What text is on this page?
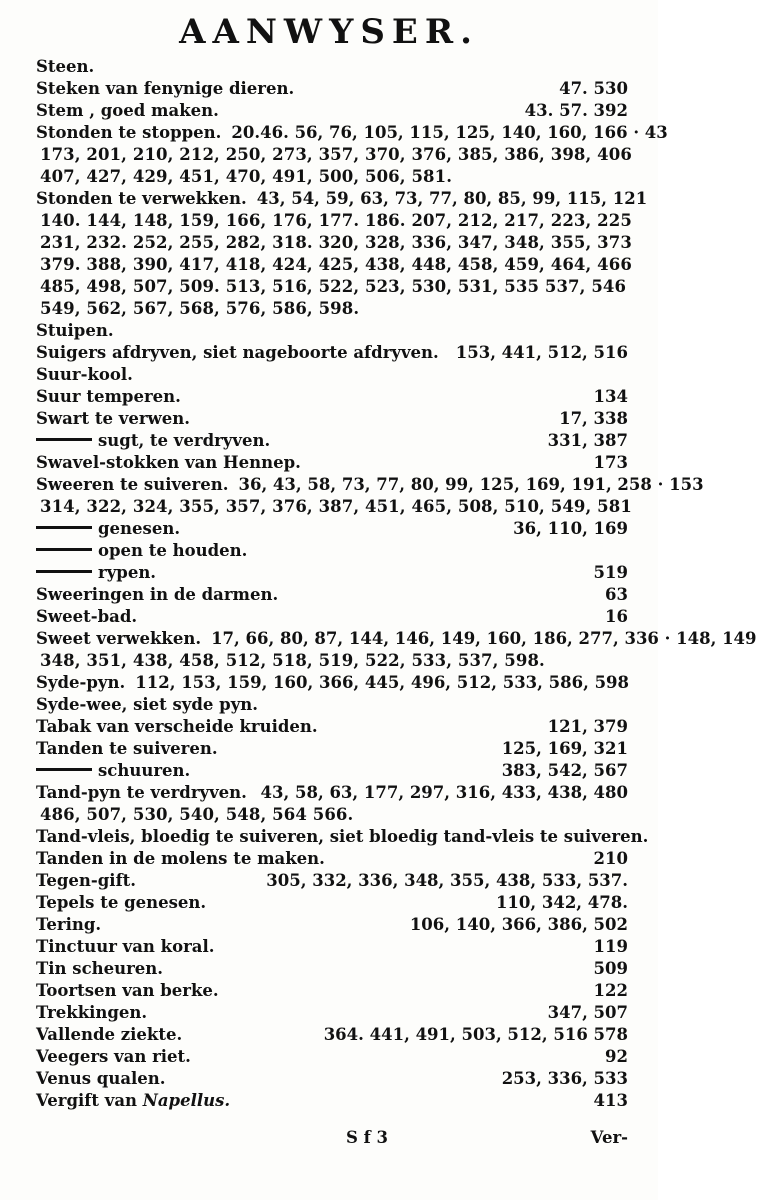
AANWYSER.
Steen.
Steken van fenynige dieren.	47. 530
Stem , goed maken.	43. 57. 392
Stonden te stoppen. 20.46. 56, 76, 105, 115, 125, 140, 160, 166 · 43
173, 201, 210, 212, 250, 273, 357, 370, 376, 385, 386, 398, 406
407, 427, 429, 451, 470, 491, 500, 506, 581.
Stonden te verwekken. 43, 54, 59, 63, 73, 77, 80, 85, 99, 115, 121
140. 144, 148, 159, 166, 176, 177. 186. 207, 212, 217, 223, 225
231, 232. 252, 255, 282, 318. 320, 328, 336, 347, 348, 355, 373
379. 388, 390, 417, 418, 424, 425, 438, 448, 458, 459, 464, 466
485, 498, 507, 509. 513, 516, 522, 523, 530, 531, 535 537, 546
549, 562, 567, 568, 576, 586, 598.
Stuipen.
Suigers afdryven, siet nageboorte afdryven.	153, 441, 512, 516
Suur-kool.
Suur temperen.	134
Swart te verwen.	17, 338
sugt, te verdryven.	331, 387
Swavel-stokken van Hennep.	173
Sweeren te suiveren. 36, 43, 58, 73, 77, 80, 99, 125, 169, 191, 258 · 153
314, 322, 324, 355, 357, 376, 387, 451, 465, 508, 510, 549, 581
genesen.	36, 110, 169
open te houden.
rypen.	519
Sweeringen in de darmen.	63
Sweet-bad.	16
Sweet verwekken. 17, 66, 80, 87, 144, 146, 149, 160, 186, 277, 336 · 148, 149
348, 351, 438, 458, 512, 518, 519, 522, 533, 537, 598.
Syde-pyn. 112, 153, 159, 160, 366, 445, 496, 512, 533, 586, 598
Syde-wee, siet syde pyn.
Tabak van verscheide kruiden.	121, 379
Tanden te suiveren.	125, 169, 321
schuuren.	383, 542, 567
Tand-pyn te verdryven. 43, 58, 63, 177, 297, 316, 433, 438, 480
486, 507, 530, 540, 548, 564 566.
Tand-vleis, bloedig te suiveren, siet bloedig tand-vleis te suiveren.
Tanden in de molens te maken.	210
Tegen-gift.	305, 332, 336, 348, 355, 438, 533, 537.
Tepels te genesen.	110, 342, 478.
Tering.	106, 140, 366, 386, 502
Tinctuur van koral.	119
Tin scheuren.	509
Toortsen van berke.	122
Trekkingen.	347, 507
Vallende ziekte.	364. 441, 491, 503, 512, 516 578
Veegers van riet.	92
Venus qualen.	253, 336, 533
Vergift van Napellus.	413
S f 3	Ver-
